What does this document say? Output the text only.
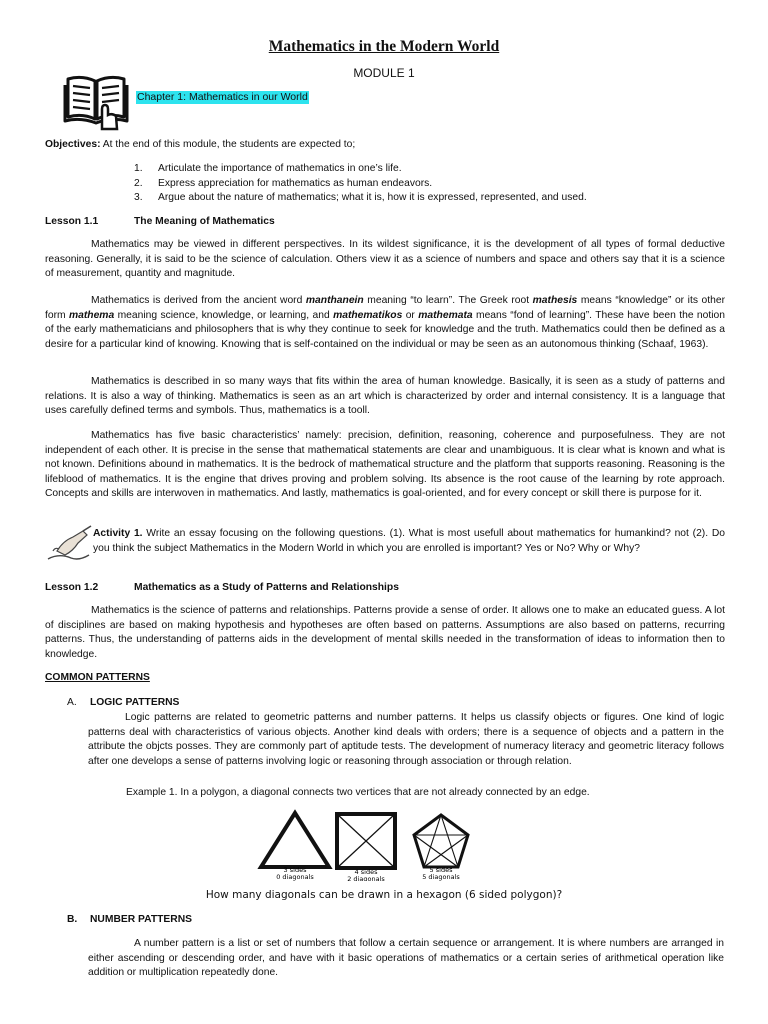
Mathematics in the Modern World
MODULE 1
Chapter 1: Mathematics in our World
Objectives: At the end of this module, the students are expected to;
1. Articulate the importance of mathematics in one’s life.
2. Express appreciation for mathematics as human endeavors.
3. Argue about the nature of mathematics; what it is, how it is expressed, represented, and used.
Lesson 1.1	The Meaning of Mathematics

Mathematics may be viewed in different perspectives. In its wildest significance, it is the development of all types of formal deductive reasoning. Generally, it is said to be the science of calculation. Others view it as a science of numbers and space and others say that it is a science of measurement, quantity and magnitude.

Mathematics is derived from the ancient word manthanein meaning “to learn”. The Greek root mathesis means “knowledge” or its other form mathema meaning science, knowledge, or learning, and mathematikos or mathemata means “fond of learning”. These have been the notion of the early mathematicians and philosophers that is why they continue to seek for knowledge and the truth. Mathematics could then be defined as a desire for a particular kind of knowing. Knowing that is self-contained on the individual or may be seen as an autonomous thinking (Schaaf, 1963).

Mathematics is described in so many ways that fits within the area of human knowledge. Basically, it is seen as a study of patterns and relations. It is also a way of thinking. Mathematics is seen as an art which is characterized by order and internal consistency. It is a language that uses carefully defined terms and symbols. Thus, mathematics is a tooll.

Mathematics has five basic characteristics’ namely: precision, definition, reasoning, coherence and purposefulness. They are not independent of each other. It is precise in the sense that mathematical statements are clear and unambiguous. It is clear what is known and what is not known. Definitions abound in mathematics. It is the bedrock of mathematical structure and the platform that supports reasoning. Reasoning is the lifeblood of mathematics. It is the engine that drives proving and problem solving. Its absence is the root cause of the learning by rote approach. Concepts and skills are interwoven in mathematics. And lastly, mathematics is goal-oriented, and for every concept or skill there is purpose for it.

Activity 1. Write an essay focusing on the following questions. (1). What is most usefull about mathematics for humankind? not (2). Do you think the subject Mathematics in the Modern World in which you are enrolled is important? Yes or No? Why or Why?
Lesson 1.2	Mathematics as a Study of Patterns and Relationships

Mathematics is the science of patterns and relationships. Patterns provide a sense of order. It allows one to make an educated guess. A lot of disciplines are based on making hypothesis and hypotheses are often based on patterns. Assumptions are also based on patterns, recurring patterns. Thus, the understanding of patterns aids in the development of mental skills needed in the transformation of ideas to information then to knowledge.

COMMON PATTERNS
A. LOGIC PATTERNS

Logic patterns are related to geometric patterns and number patterns. It helps us classify objects or figures. One kind of logic patterns deal with characteristics of various objects. Another kind deals with orders; there is a sequence of objects and a pattern in the attribute the objcts posses. They are commonly part of aptitude tests. The development of numeracy literacy and geometric literacy follows after one develops a sense of patterns involving logic or reasoning through association or through relation.

Example 1. In a polygon, a diagonal connects two vertices that are not already connected by an edge.
3 sides
0 diagonals
4 sides
2 diagonals
5 sides
5 diagonals
How many diagonals can be drawn in a hexagon (6 sided polygon)?
B. NUMBER PATTERNS

A number pattern is a list or set of numbers that follow a certain sequence or arrangement. It is where numbers are arranged in either ascending or descending order, and have with it basic operations of mathematics or a certain series of arithmetical operation like addition or multiplication repeatedly done.
